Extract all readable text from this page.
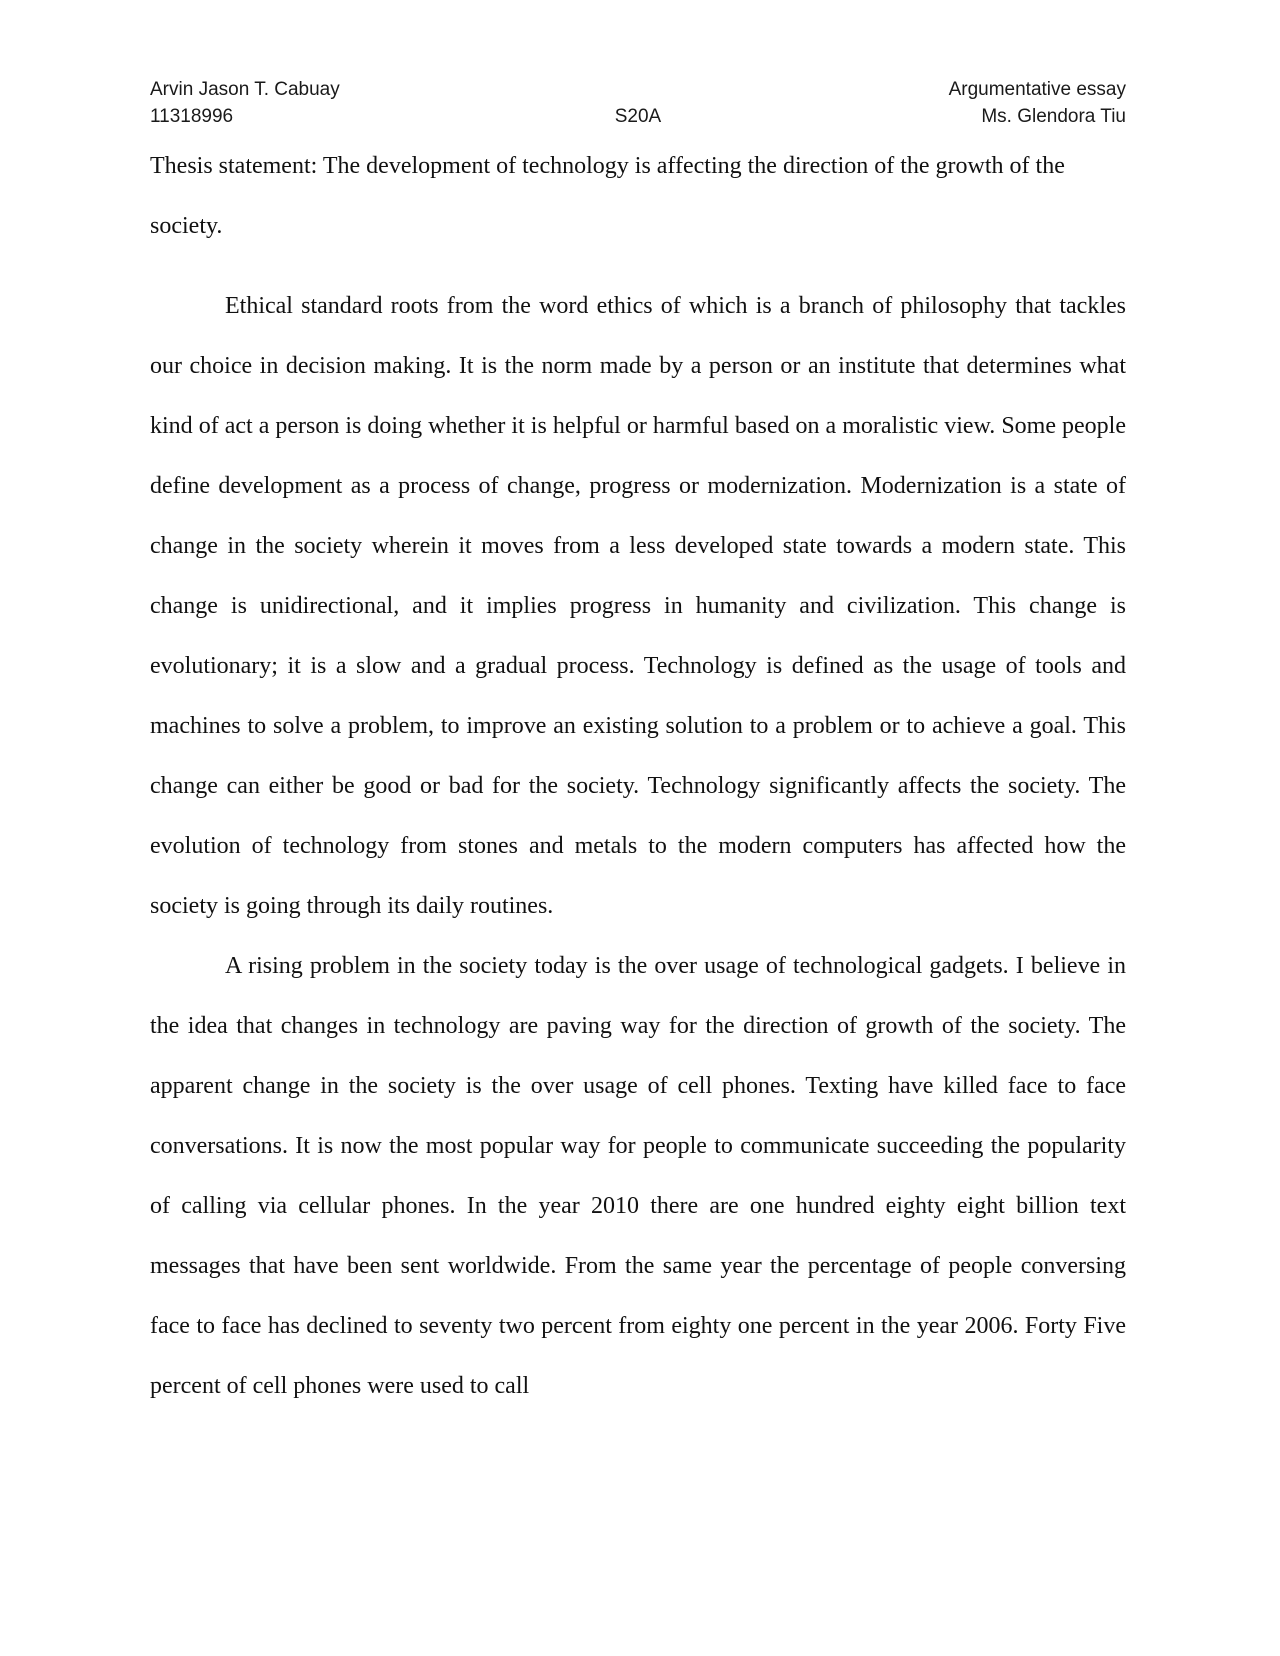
Arvin Jason T. Cabuay
11318996	S20A
Argumentative essay
Ms. Glendora Tiu

Thesis statement: The development of technology is affecting the direction of the growth of the society.

Ethical standard roots from the word ethics of which is a branch of philosophy that tackles our choice in decision making. It is the norm made by a person or an institute that determines what kind of act a person is doing whether it is helpful or harmful based on a moralistic view. Some people define development as a process of change, progress or modernization. Modernization is a state of change in the society wherein it moves from a less developed state towards a modern state. This change is unidirectional, and it implies progress in humanity and civilization. This change is evolutionary; it is a slow and a gradual process. Technology is defined as the usage of tools and machines to solve a problem, to improve an existing solution to a problem or to achieve a goal. This change can either be good or bad for the society. Technology significantly affects the society. The evolution of technology from stones and metals to the modern computers has affected how the society is going through its daily routines.

A rising problem in the society today is the over usage of technological gadgets. I believe in the idea that changes in technology are paving way for the direction of growth of the society. The apparent change in the society is the over usage of cell phones. Texting have killed face to face conversations. It is now the most popular way for people to communicate succeeding the popularity of calling via cellular phones. In the year 2010 there are one hundred eighty eight billion text messages that have been sent worldwide. From the same year the percentage of people conversing face to face has declined to seventy two percent from eighty one percent in the year 2006. Forty Five percent of cell phones were used to call
